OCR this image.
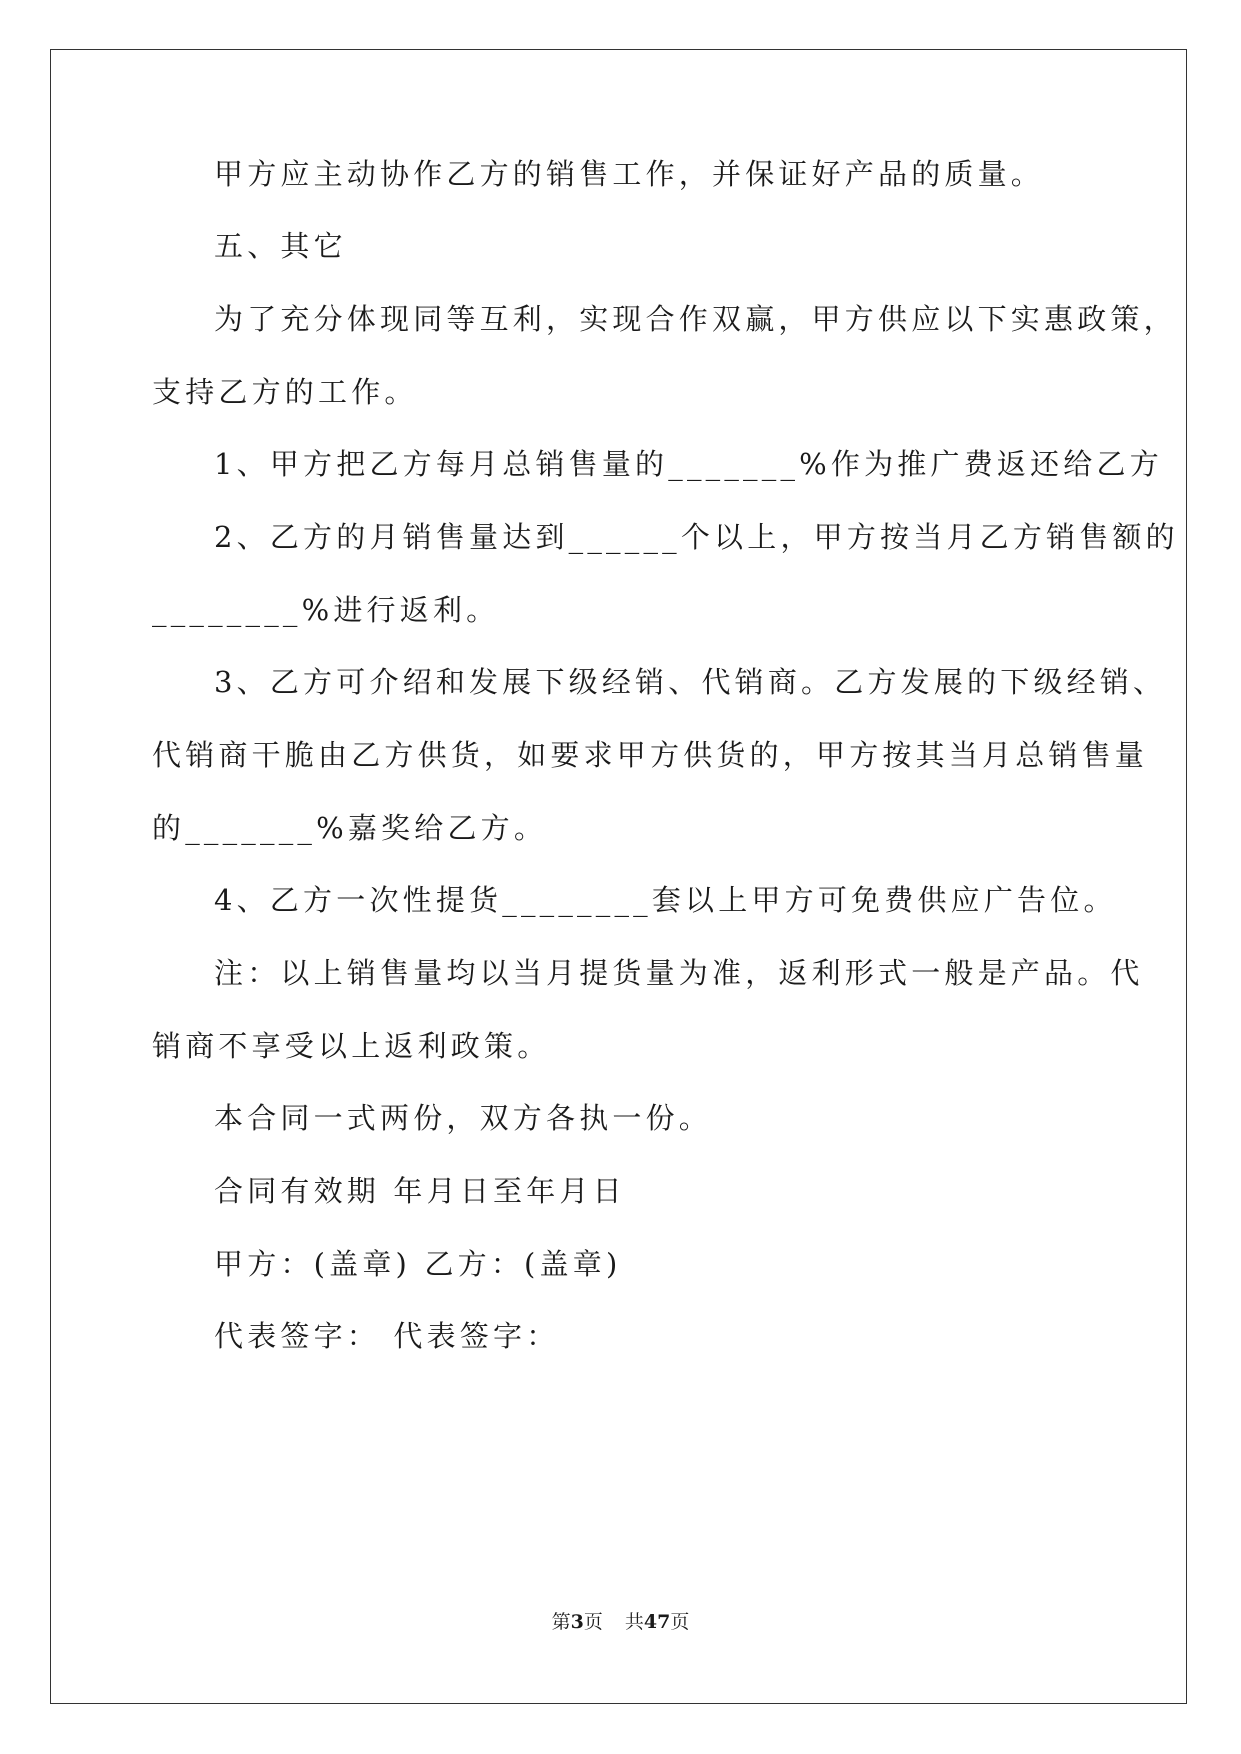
甲方应主动协作乙方的销售工作，并保证好产品的质量。
五、其它
为了充分体现同等互利，实现合作双赢，甲方供应以下实惠政策，
支持乙方的工作。
1、甲方把乙方每月总销售量的_______%作为推广费返还给乙方
2、乙方的月销售量达到______个以上，甲方按当月乙方销售额的
________%进行返利。
3、乙方可介绍和发展下级经销、代销商。乙方发展的下级经销、
代销商干脆由乙方供货，如要求甲方供货的，甲方按其当月总销售量
的_______%嘉奖给乙方。
4、乙方一次性提货________套以上甲方可免费供应广告位。
注：以上销售量均以当月提货量为准，返利形式一般是产品。代
销商不享受以上返利政策。
本合同一式两份，双方各执一份。
合同有效期 年月日至年月日
甲方：(盖章) 乙方：(盖章)
代表签字： 代表签字：
第3页 共47页
